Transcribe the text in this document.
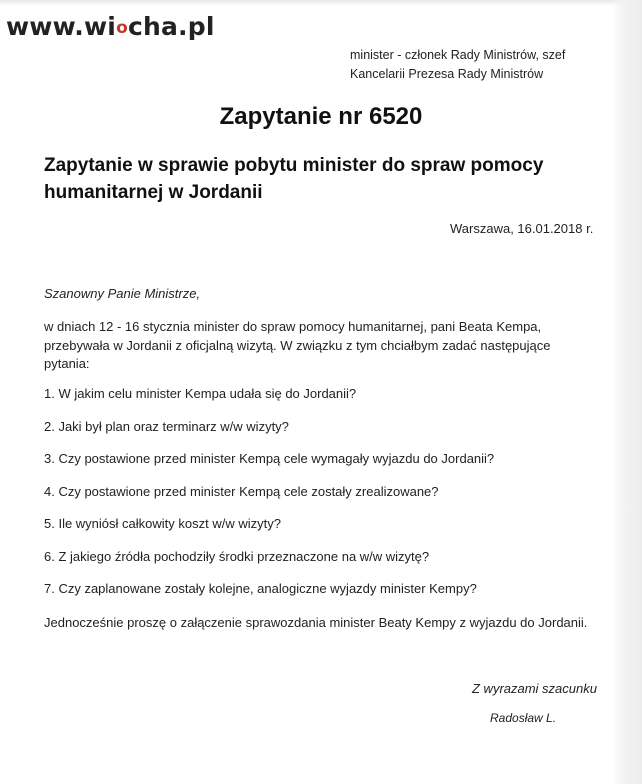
www.wiocha.pl
minister - członek Rady Ministrów, szef
Kancelarii Prezesa Rady Ministrów
Zapytanie nr 6520
Zapytanie w sprawie pobytu minister do spraw pomocy humanitarnej w Jordanii
Warszawa, 16.01.2018 r.
Szanowny Panie Ministrze,
w dniach 12 - 16 stycznia minister do spraw pomocy humanitarnej, pani Beata Kempa, przebywała w Jordanii z oficjalną wizytą. W związku z tym chciałbym zadać następujące pytania:
1. W jakim celu minister Kempa udała się do Jordanii?
2. Jaki był plan oraz terminarz w/w wizyty?
3. Czy postawione przed minister Kempą cele wymagały wyjazdu do Jordanii?
4. Czy postawione przed minister Kempą cele zostały zrealizowane?
5. Ile wyniósł całkowity koszt w/w wizyty?
6. Z jakiego źródła pochodziły środki przeznaczone na w/w wizytę?
7. Czy zaplanowane zostały kolejne, analogiczne wyjazdy minister Kempy?
Jednocześnie proszę o załączenie sprawozdania minister Beaty Kempy z wyjazdu do Jordanii.
Z wyrazami szacunku
Radosław L.
